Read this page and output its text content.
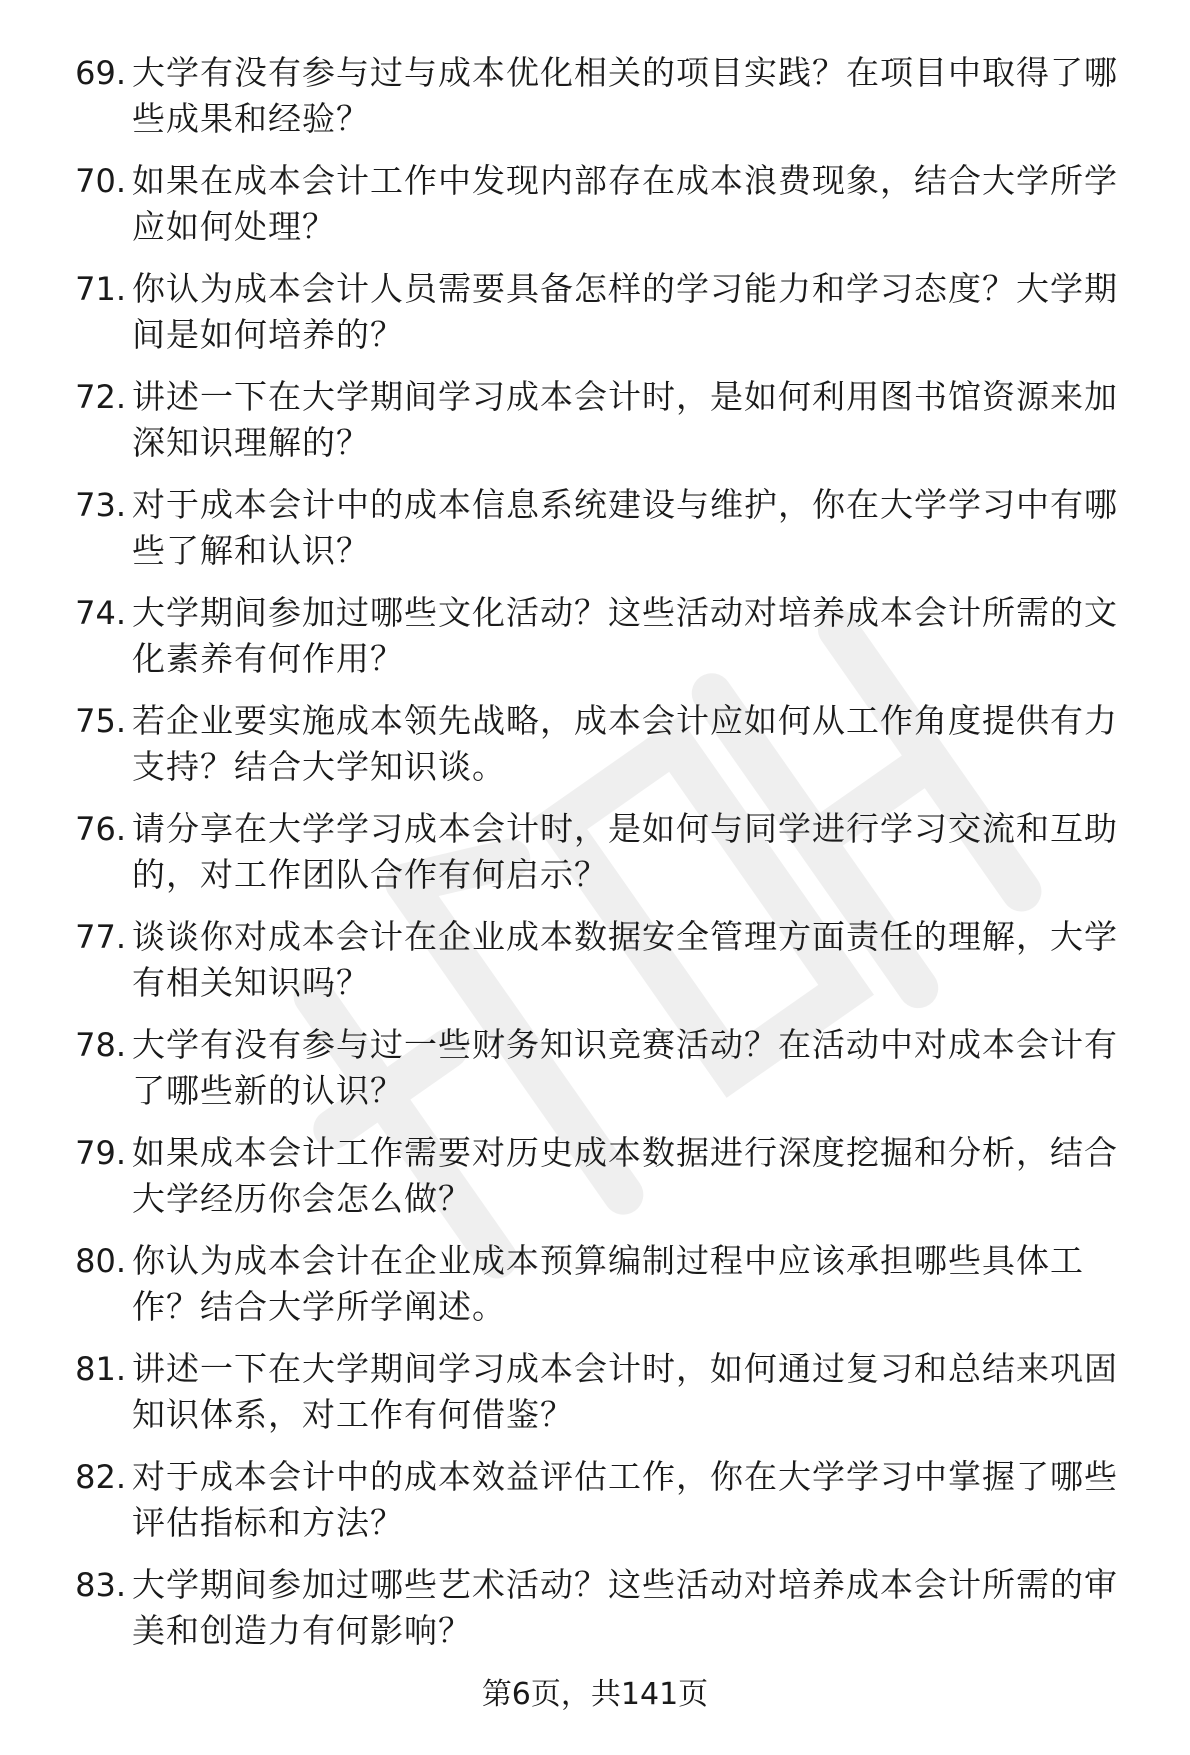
69. 大学有没有参与过与成本优化相关的项目实践？在项目中取得了哪些成果和经验？
70. 如果在成本会计工作中发现内部存在成本浪费现象，结合大学所学应如何处理？
71. 你认为成本会计人员需要具备怎样的学习能力和学习态度？大学期间是如何培养的？
72. 讲述一下在大学期间学习成本会计时，是如何利用图书馆资源来加深知识理解的？
73. 对于成本会计中的成本信息系统建设与维护，你在大学学习中有哪些了解和认识？
74. 大学期间参加过哪些文化活动？这些活动对培养成本会计所需的文化素养有何作用？
75. 若企业要实施成本领先战略，成本会计应如何从工作角度提供有力支持？结合大学知识谈。
76. 请分享在大学学习成本会计时，是如何与同学进行学习交流和互助的，对工作团队合作有何启示？
77. 谈谈你对成本会计在企业成本数据安全管理方面责任的理解，大学有相关知识吗？
78. 大学有没有参与过一些财务知识竞赛活动？在活动中对成本会计有了哪些新的认识？
79. 如果成本会计工作需要对历史成本数据进行深度挖掘和分析，结合大学经历你会怎么做？
80. 你认为成本会计在企业成本预算编制过程中应该承担哪些具体工作？结合大学所学阐述。
81. 讲述一下在大学期间学习成本会计时，如何通过复习和总结来巩固知识体系，对工作有何借鉴？
82. 对于成本会计中的成本效益评估工作，你在大学学习中掌握了哪些评估指标和方法？
83. 大学期间参加过哪些艺术活动？这些活动对培养成本会计所需的审美和创造力有何影响？
第6页，共141页
